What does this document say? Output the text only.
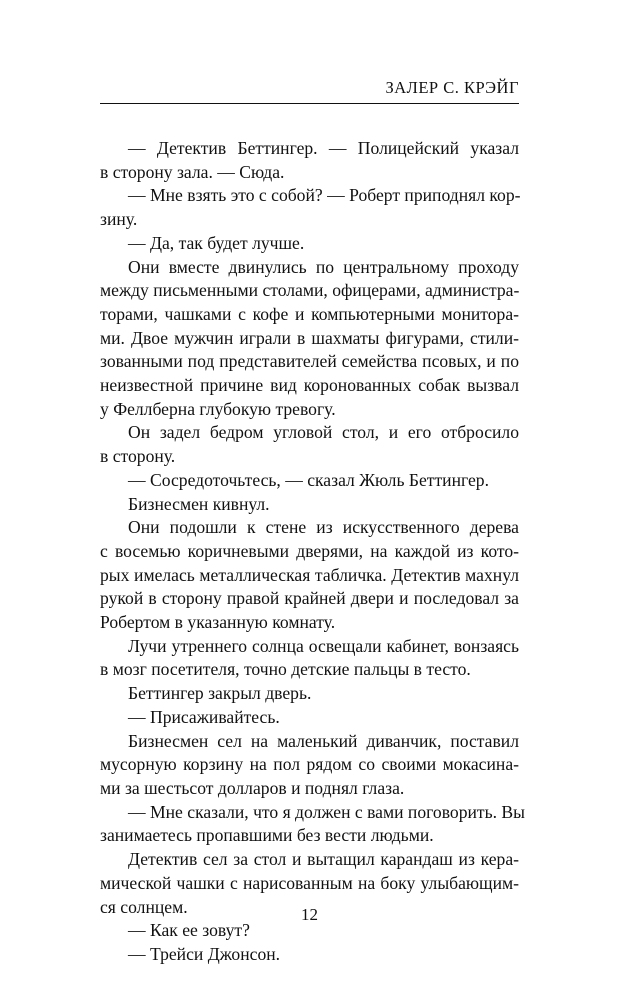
ЗАЛЕР С. КРЭЙГ
— Детектив Беттингер. — Полицейский указал
в сторону зала. — Сюда.
— Мне взять это с собой? — Роберт приподнял кор-
зину.
— Да, так будет лучше.
Они вместе двинулись по центральному проходу
между письменными столами, офицерами, администра-
торами, чашками с кофе и компьютерными монитора-
ми. Двое мужчин играли в шахматы фигурами, стили-
зованными под представителей семейства псовых, и по
неизвестной причине вид коронованных собак вызвал
у Феллберна глубокую тревогу.
Он задел бедром угловой стол, и его отбросило
в сторону.
— Сосредоточьтесь, — сказал Жюль Беттингер.
Бизнесмен кивнул.
Они подошли к стене из искусственного дерева
с восемью коричневыми дверями, на каждой из кото-
рых имелась металлическая табличка. Детектив махнул
рукой в сторону правой крайней двери и последовал за
Робертом в указанную комнату.
Лучи утреннего солнца освещали кабинет, вонзаясь
в мозг посетителя, точно детские пальцы в тесто.
Беттингер закрыл дверь.
— Присаживайтесь.
Бизнесмен сел на маленький диванчик, поставил
мусорную корзину на пол рядом со своими мокасина-
ми за шестьсот долларов и поднял глаза.
— Мне сказали, что я должен с вами поговорить. Вы
занимаетесь пропавшими без вести людьми.
Детектив сел за стол и вытащил карандаш из кера-
мической чашки с нарисованным на боку улыбающим-
ся солнцем.
— Как ее зовут?
— Трейси Джонсон.
12
